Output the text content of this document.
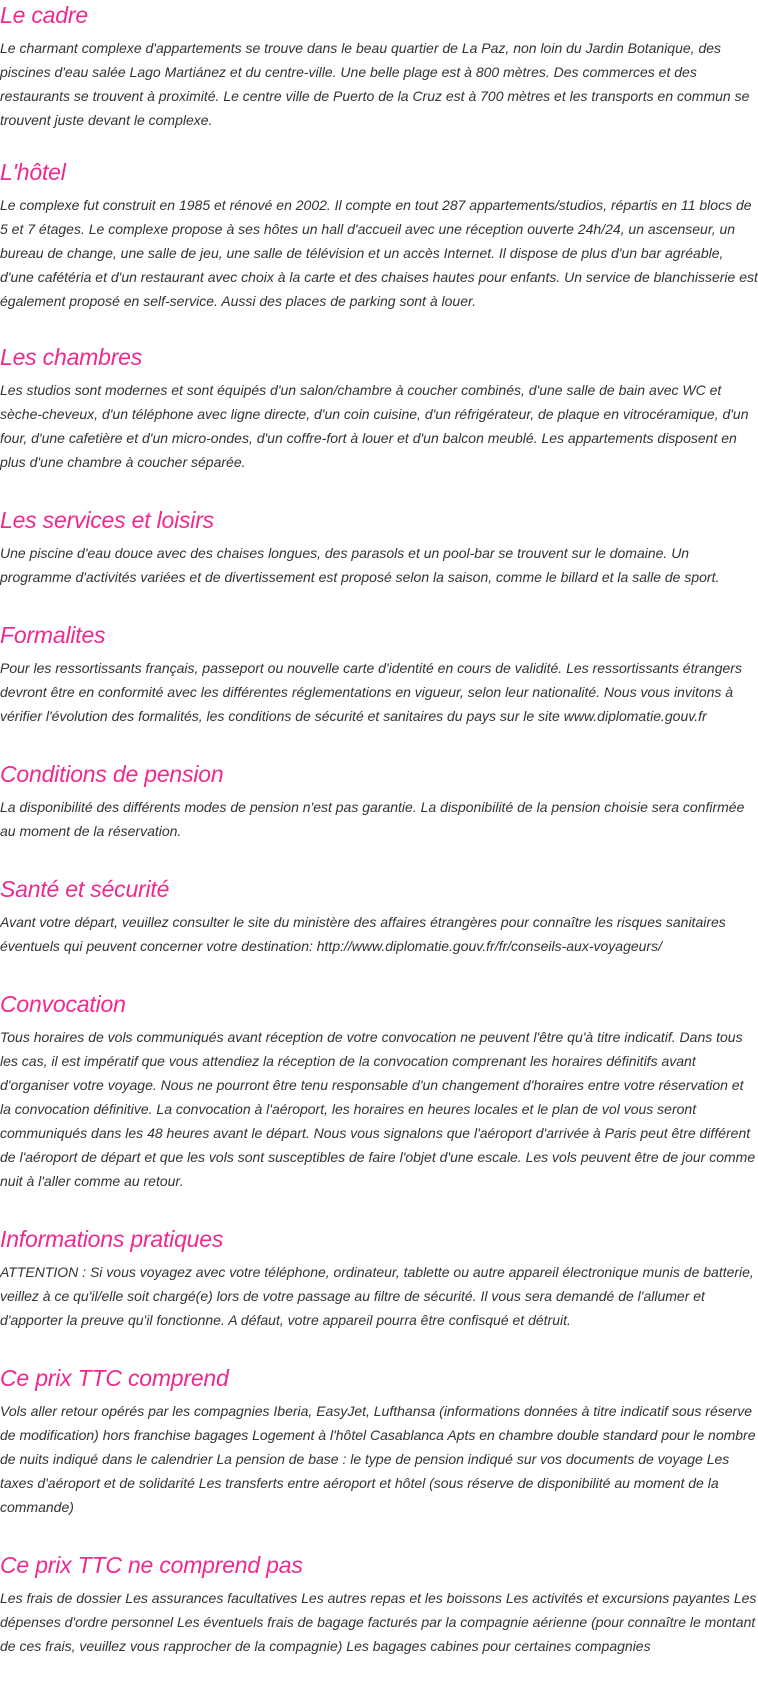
Le cadre

Le charmant complexe d'appartements se trouve dans le beau quartier de La Paz, non loin du Jardin Botanique, des piscines d'eau salée Lago Martiánez et du centre-ville. Une belle plage est à 800 mètres. Des commerces et des restaurants se trouvent à proximité. Le centre ville de Puerto de la Cruz est à 700 mètres et les transports en commun se trouvent juste devant le complexe.

L'hôtel

Le complexe fut construit en 1985 et rénové en 2002. Il compte en tout 287 appartements/studios, répartis en 11 blocs de 5 et 7 étages. Le complexe propose à ses hôtes un hall d'accueil avec une réception ouverte 24h/24, un ascenseur, un bureau de change, une salle de jeu, une salle de télévision et un accès Internet. Il dispose de plus d'un bar agréable, d'une cafétéria et d'un restaurant avec choix à la carte et des chaises hautes pour enfants. Un service de blanchisserie est également proposé en self-service. Aussi des places de parking sont à louer.

Les chambres

Les studios sont modernes et sont équipés d'un salon/chambre à coucher combinés, d'une salle de bain avec WC et sèche-cheveux, d'un téléphone avec ligne directe, d'un coin cuisine, d'un réfrigérateur, de plaque en vitrocéramique, d'un four, d'une cafetière et d'un micro-ondes, d'un coffre-fort à louer et d'un balcon meublé. Les appartements disposent en plus d'une chambre à coucher séparée.

Les services et loisirs

Une piscine d'eau douce avec des chaises longues, des parasols et un pool-bar se trouvent sur le domaine. Un programme d'activités variées et de divertissement est proposé selon la saison, comme le billard et la salle de sport.

Formalites

Pour les ressortissants français, passeport ou nouvelle carte d'identité en cours de validité. Les ressortissants étrangers devront être en conformité avec les différentes réglementations en vigueur, selon leur nationalité. Nous vous invitons à vérifier l'évolution des formalités, les conditions de sécurité et sanitaires du pays sur le site www.diplomatie.gouv.fr

Conditions de pension

La disponibilité des différents modes de pension n'est pas garantie. La disponibilité de la pension choisie sera confirmée au moment de la réservation.

Santé et sécurité

Avant votre départ, veuillez consulter le site du ministère des affaires étrangères pour connaître les risques sanitaires éventuels qui peuvent concerner votre destination: http://www.diplomatie.gouv.fr/fr/conseils-aux-voyageurs/

Convocation

Tous horaires de vols communiqués avant réception de votre convocation ne peuvent l'être qu'à titre indicatif. Dans tous les cas, il est impératif que vous attendiez la réception de la convocation comprenant les horaires définitifs avant d'organiser votre voyage. Nous ne pourront être tenu responsable d'un changement d'horaires entre votre réservation et la convocation définitive. La convocation à l'aéroport, les horaires en heures locales et le plan de vol vous seront communiqués dans les 48 heures avant le départ. Nous vous signalons que l'aéroport d'arrivée à Paris peut être différent de l'aéroport de départ et que les vols sont susceptibles de faire l'objet d'une escale. Les vols peuvent être de jour comme nuit à l'aller comme au retour.

Informations pratiques

ATTENTION : Si vous voyagez avec votre téléphone, ordinateur, tablette ou autre appareil électronique munis de batterie, veillez à ce qu'il/elle soit chargé(e) lors de votre passage au filtre de sécurité. Il vous sera demandé de l'allumer et d'apporter la preuve qu'il fonctionne. A défaut, votre appareil pourra être confisqué et détruit.

Ce prix TTC comprend

Vols aller retour opérés par les compagnies Iberia, EasyJet, Lufthansa (informations données à titre indicatif sous réserve de modification) hors franchise bagages Logement à l'hôtel Casablanca Apts en chambre double standard pour le nombre de nuits indiqué dans le calendrier La pension de base : le type de pension indiqué sur vos documents de voyage Les taxes d'aéroport et de solidarité Les transferts entre aéroport et hôtel (sous réserve de disponibilité au moment de la commande)

Ce prix TTC ne comprend pas

Les frais de dossier Les assurances facultatives Les autres repas et les boissons Les activités et excursions payantes Les dépenses d'ordre personnel Les éventuels frais de bagage facturés par la compagnie aérienne (pour connaître le montant de ces frais, veuillez vous rapprocher de la compagnie) Les bagages cabines pour certaines compagnies
